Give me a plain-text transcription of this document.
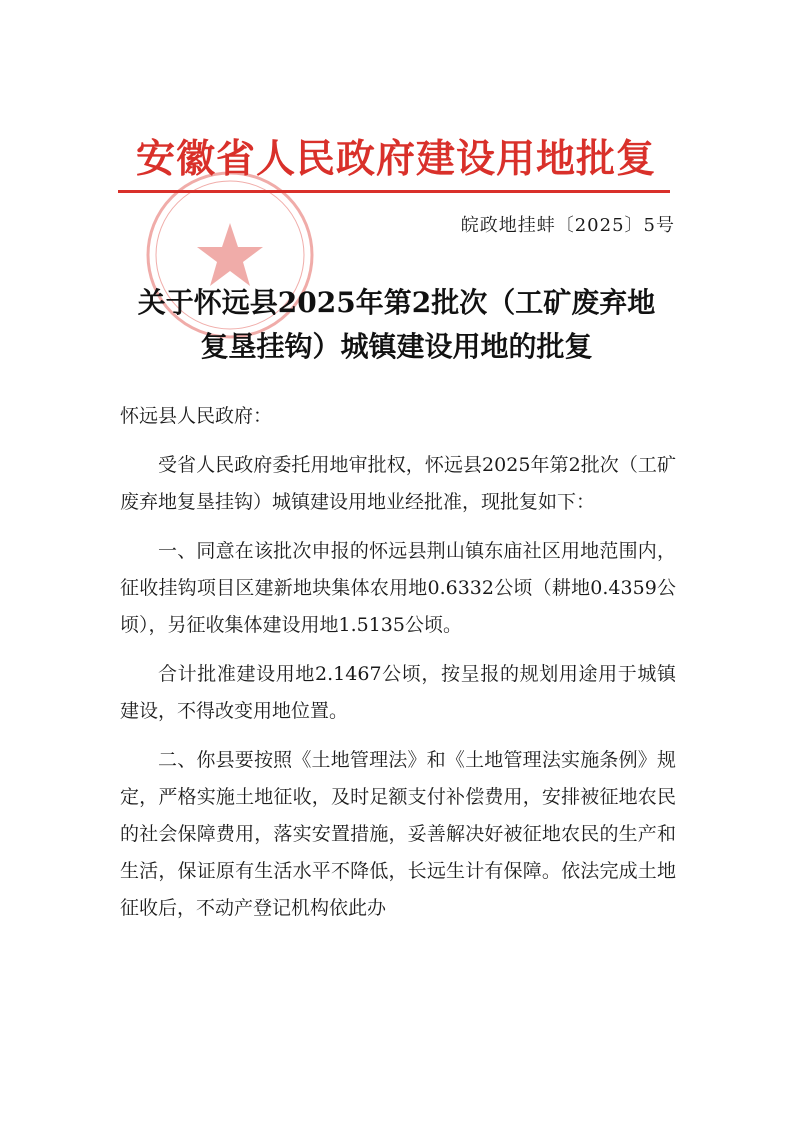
安徽省人民政府建设用地批复
皖政地挂蚌〔2025〕5号
关于怀远县2025年第2批次（工矿废弃地
复垦挂钩）城镇建设用地的批复

怀远县人民政府：

受省人民政府委托用地审批权，怀远县2025年第2批次（工矿废弃地复垦挂钩）城镇建设用地业经批准，现批复如下：

一、同意在该批次申报的怀远县荆山镇东庙社区用地范围内，征收挂钩项目区建新地块集体农用地0.6332公顷（耕地0.4359公顷），另征收集体建设用地1.5135公顷。

合计批准建设用地2.1467公顷，按呈报的规划用途用于城镇建设，不得改变用地位置。

二、你县要按照《土地管理法》和《土地管理法实施条例》规定，严格实施土地征收，及时足额支付补偿费用，安排被征地农民的社会保障费用，落实安置措施，妥善解决好被征地农民的生产和生活，保证原有生活水平不降低，长远生计有保障。依法完成土地征收后，不动产登记机构依此办
